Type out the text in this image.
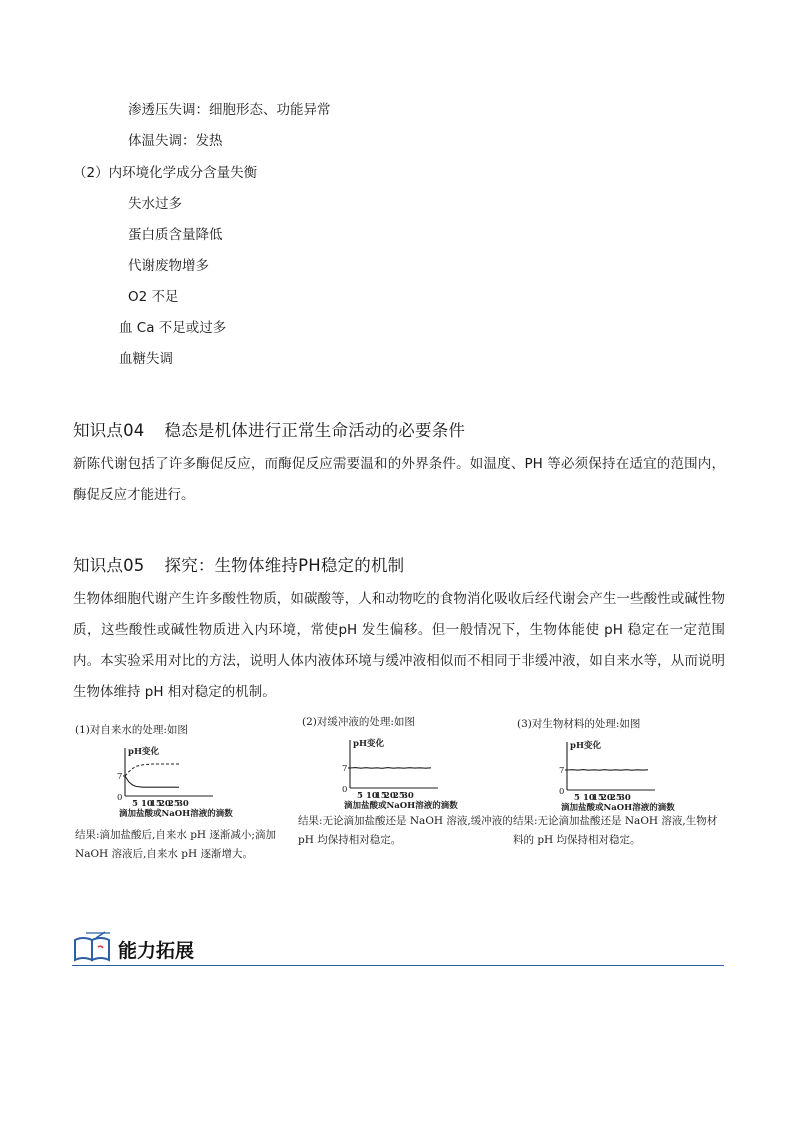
渗透压失调：细胞形态、功能异常
体温失调：发热
（2）内环境化学成分含量失衡
失水过多
蛋白质含量降低
代谢废物增多
O2 不足
血 Ca 不足或过多
血糖失调
知识点04 稳态是机体进行正常生命活动的必要条件
新陈代谢包括了许多酶促反应，而酶促反应需要温和的外界条件。如温度、PH 等必须保持在适宜的范围内，酶促反应才能进行。
知识点05 探究：生物体维持PH稳定的机制
生物体细胞代谢产生许多酸性物质，如碳酸等，人和动物吃的食物消化吸收后经代谢会产生一些酸性或碱性物质，这些酸性或碱性物质进入内环境，常使pH 发生偏移。但一般情况下，生物体能使 pH 稳定在一定范围内。本实验采用对比的方法，说明人体内液体环境与缓冲液相似而不相同于非缓冲液，如自来水等，从而说明生物体维持 pH 相对稳定的机制。
(1)对自来水的处理:如图
pH变化
7
0
5 10
15
20
25
30
滴加盐酸或NaOH溶液的滴数
结果:滴加盐酸后,自来水 pH 逐渐减小;滴加NaOH 溶液后,自来水 pH 逐渐增大。
(2)对缓冲液的处理:如图
pH变化
7
0
5 10
15
20
25
30
滴加盐酸或NaOH溶液的滴数
结果:无论滴加盐酸还是 NaOH 溶液,缓冲液的 pH 均保持相对稳定。
(3)对生物材料的处理:如图
pH变化
7
0
5 10
15
20
25
30
滴加盐酸或NaOH溶液的滴数
结果:无论滴加盐酸还是 NaOH 溶液,生物材料的 pH 均保持相对稳定。
能力拓展
